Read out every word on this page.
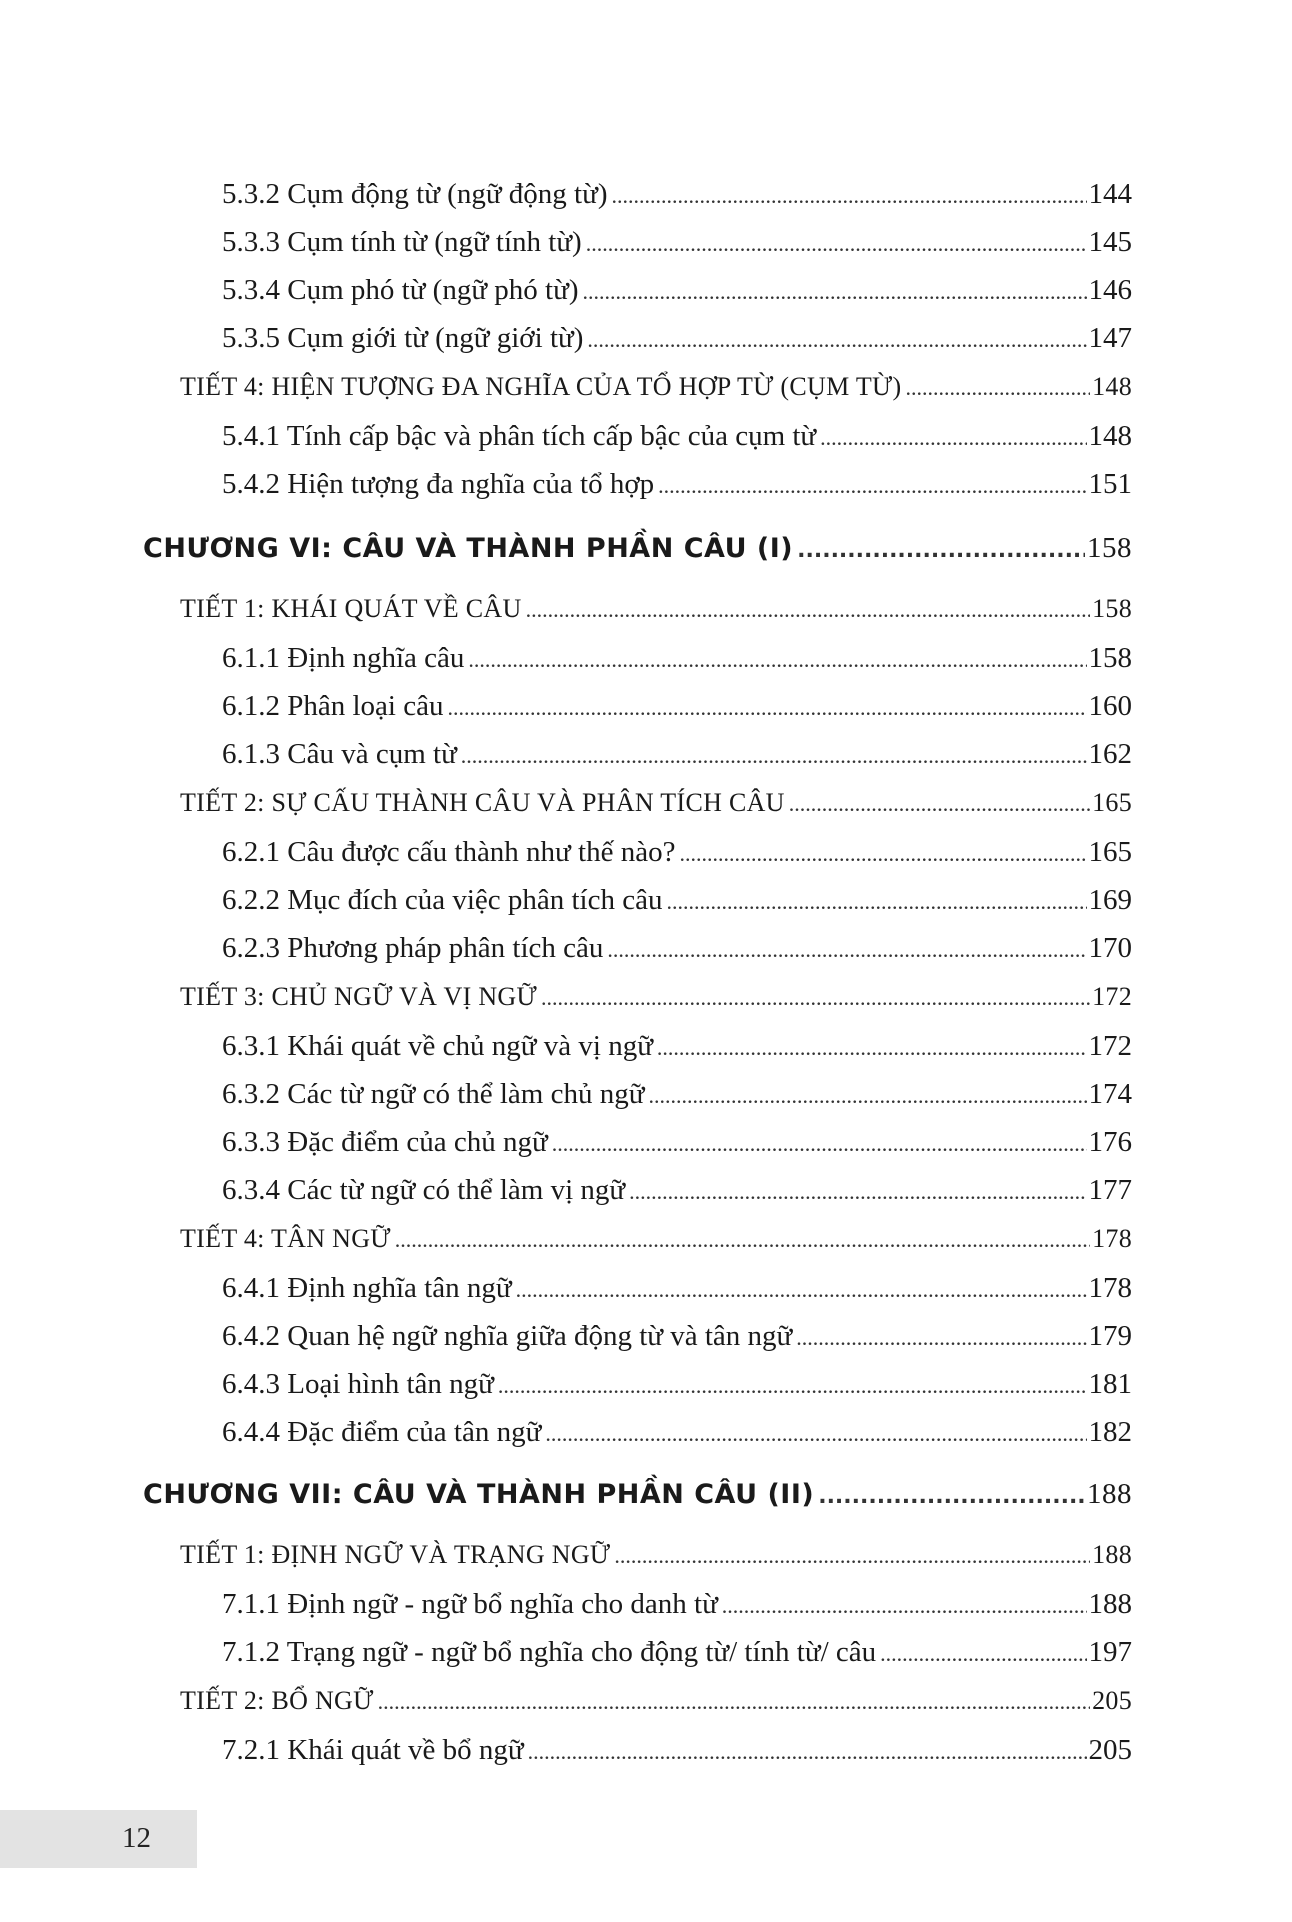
5.3.2 Cụm động từ (ngữ động từ) .....	144
5.3.3 Cụm tính từ (ngữ tính từ) .....	145
5.3.4 Cụm phó từ (ngữ phó từ) .....	146
5.3.5 Cụm giới từ (ngữ giới từ) .....	147
TIẾT 4: HIỆN TƯỢNG ĐA NGHĨA CỦA TỔ HỢP TỪ (CỤM TỪ) .....	148
5.4.1 Tính cấp bậc và phân tích cấp bậc của cụm từ .....	148
5.4.2 Hiện tượng đa nghĩa của tổ hợp .....	151
CHƯƠNG VI: CÂU VÀ THÀNH PHẦN CÂU (I) .....	158
TIẾT 1: KHÁI QUÁT VỀ CÂU .....	158
6.1.1 Định nghĩa câu .....	158
6.1.2 Phân loại câu .....	160
6.1.3 Câu và cụm từ .....	162
TIẾT 2: SỰ CẤU THÀNH CÂU VÀ PHÂN TÍCH CÂU .....	165
6.2.1 Câu được cấu thành như thế nào? .....	165
6.2.2 Mục đích của việc phân tích câu .....	169
6.2.3 Phương pháp phân tích câu .....	170
TIẾT 3: CHỦ NGỮ VÀ VỊ NGỮ .....	172
6.3.1 Khái quát về chủ ngữ và vị ngữ .....	172
6.3.2 Các từ ngữ có thể làm chủ ngữ .....	174
6.3.3 Đặc điểm của chủ ngữ .....	176
6.3.4 Các từ ngữ có thể làm vị ngữ .....	177
TIẾT 4: TÂN NGỮ .....	178
6.4.1 Định nghĩa tân ngữ .....	178
6.4.2 Quan hệ ngữ nghĩa giữa động từ và tân ngữ .....	179
6.4.3 Loại hình tân ngữ .....	181
6.4.4 Đặc điểm của tân ngữ .....	182
CHƯƠNG VII: CÂU VÀ THÀNH PHẦN CÂU (II) .....	188
TIẾT 1: ĐỊNH NGỮ VÀ TRẠNG NGỮ .....	188
7.1.1 Định ngữ - ngữ bổ nghĩa cho danh từ .....	188
7.1.2 Trạng ngữ - ngữ bổ nghĩa cho động từ/ tính từ/ câu .....	197
TIẾT 2: BỔ NGỮ .....	205
7.2.1 Khái quát về bổ ngữ .....	205
12
